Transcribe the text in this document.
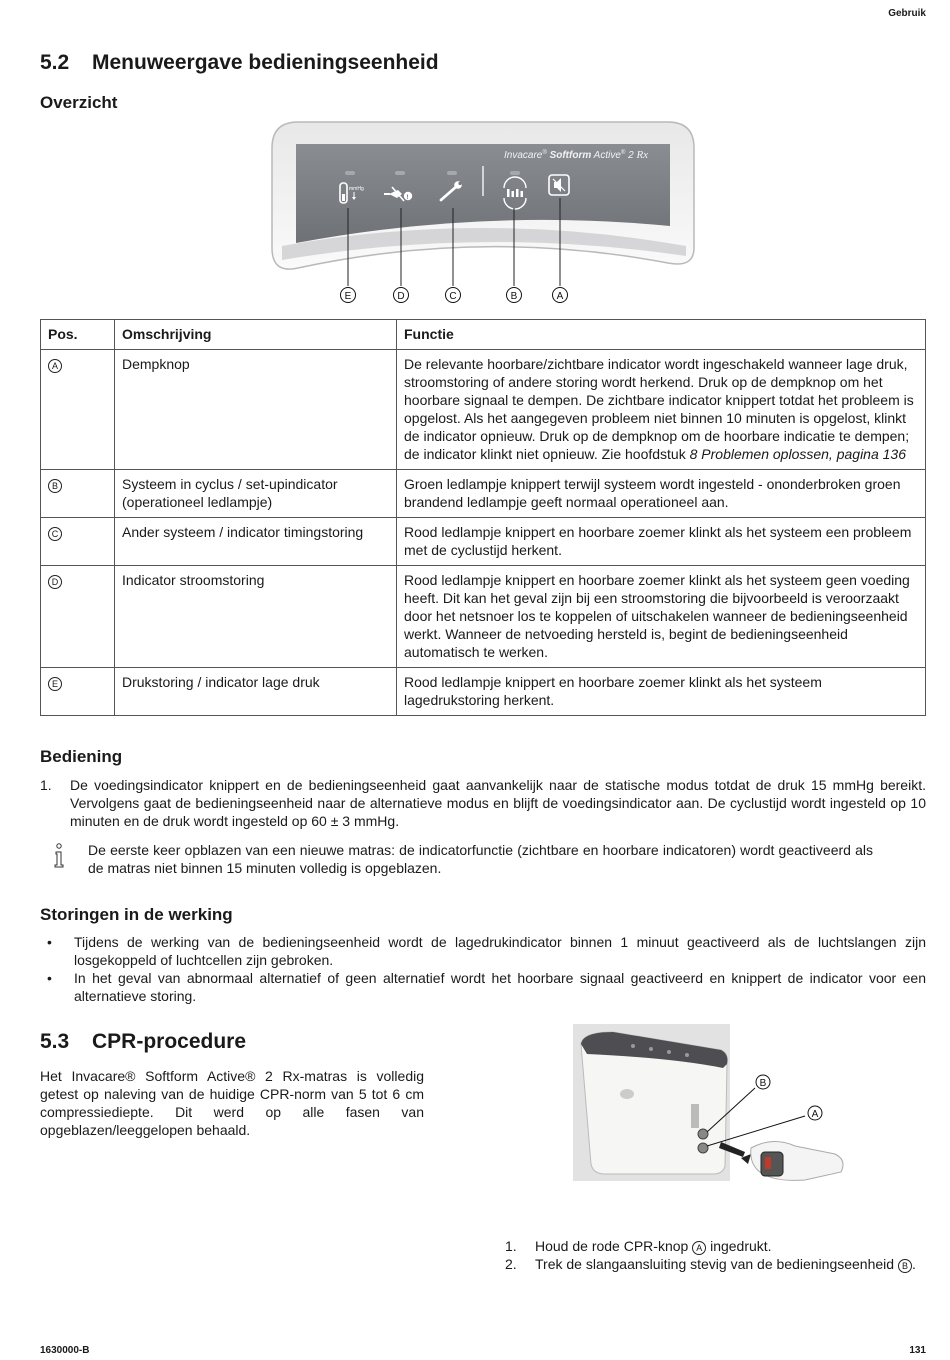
Gebruik
5.2 Menuweergave bedieningseenheid
Overzicht
Invacare® Softform Active® 2 Rx
mmHg
!
E	D	C	B	A
Pos.	Omschrijving	Functie
A	Dempknop	De relevante hoorbare/zichtbare indicator wordt ingeschakeld wanneer lage druk, stroomstoring of andere storing wordt herkend. Druk op de dempknop om het hoorbare signaal te dempen. De zichtbare indicator knippert totdat het probleem is opgelost. Als het aangegeven probleem niet binnen 10 minuten is opgelost, klinkt de indicator opnieuw. Druk op de dempknop om de hoorbare indicatie te dempen; de indicator klinkt niet opnieuw. Zie hoofdstuk 8 Problemen oplossen, pagina 136
B	Systeem in cyclus / set-upindicator (operationeel ledlampje)	Groen ledlampje knippert terwijl systeem wordt ingesteld - ononderbroken groen brandend ledlampje geeft normaal operationeel aan.
C	Ander systeem / indicator timingstoring	Rood ledlampje knippert en hoorbare zoemer klinkt als het systeem een probleem met de cyclustijd herkent.
D	Indicator stroomstoring	Rood ledlampje knippert en hoorbare zoemer klinkt als het systeem geen voeding heeft. Dit kan het geval zijn bij een stroomstoring die bijvoorbeeld is veroorzaakt door het netsnoer los te koppelen of uitschakelen wanneer de bedieningseenheid werkt. Wanneer de netvoeding hersteld is, begint de bedieningseenheid automatisch te werken.
E	Drukstoring / indicator lage druk	Rood ledlampje knippert en hoorbare zoemer klinkt als het systeem lagedrukstoring herkent.
Bediening
1. De voedingsindicator knippert en de bedieningseenheid gaat aanvankelijk naar de statische modus totdat de druk 15 mmHg bereikt. Vervolgens gaat de bedieningseenheid naar de alternatieve modus en blijft de voedingsindicator aan. De cyclustijd wordt ingesteld op 10 minuten en de druk wordt ingesteld op 60 ± 3 mmHg.
De eerste keer opblazen van een nieuwe matras: de indicatorfunctie (zichtbare en hoorbare indicatoren) wordt geactiveerd als de matras niet binnen 15 minuten volledig is opgeblazen.
Storingen in de werking
• Tijdens de werking van de bedieningseenheid wordt de lagedrukindicator binnen 1 minuut geactiveerd als de luchtslangen zijn losgekoppeld of luchtcellen zijn gebroken.
• In het geval van abnormaal alternatief of geen alternatief wordt het hoorbare signaal geactiveerd en knippert de indicator voor een alternatieve storing.
5.3 CPR-procedure
Het Invacare® Softform Active® 2 Rx-matras is volledig getest op naleving van de huidige CPR-norm van 5 tot 6 cm compressiediepte. Dit werd op alle fasen van opgeblazen/leeggelopen behaald.
B
A
1. Houd de rode CPR-knop A ingedrukt.
2. Trek de slangaansluiting stevig van de bedieningseenheid B .
1630000-B	131
